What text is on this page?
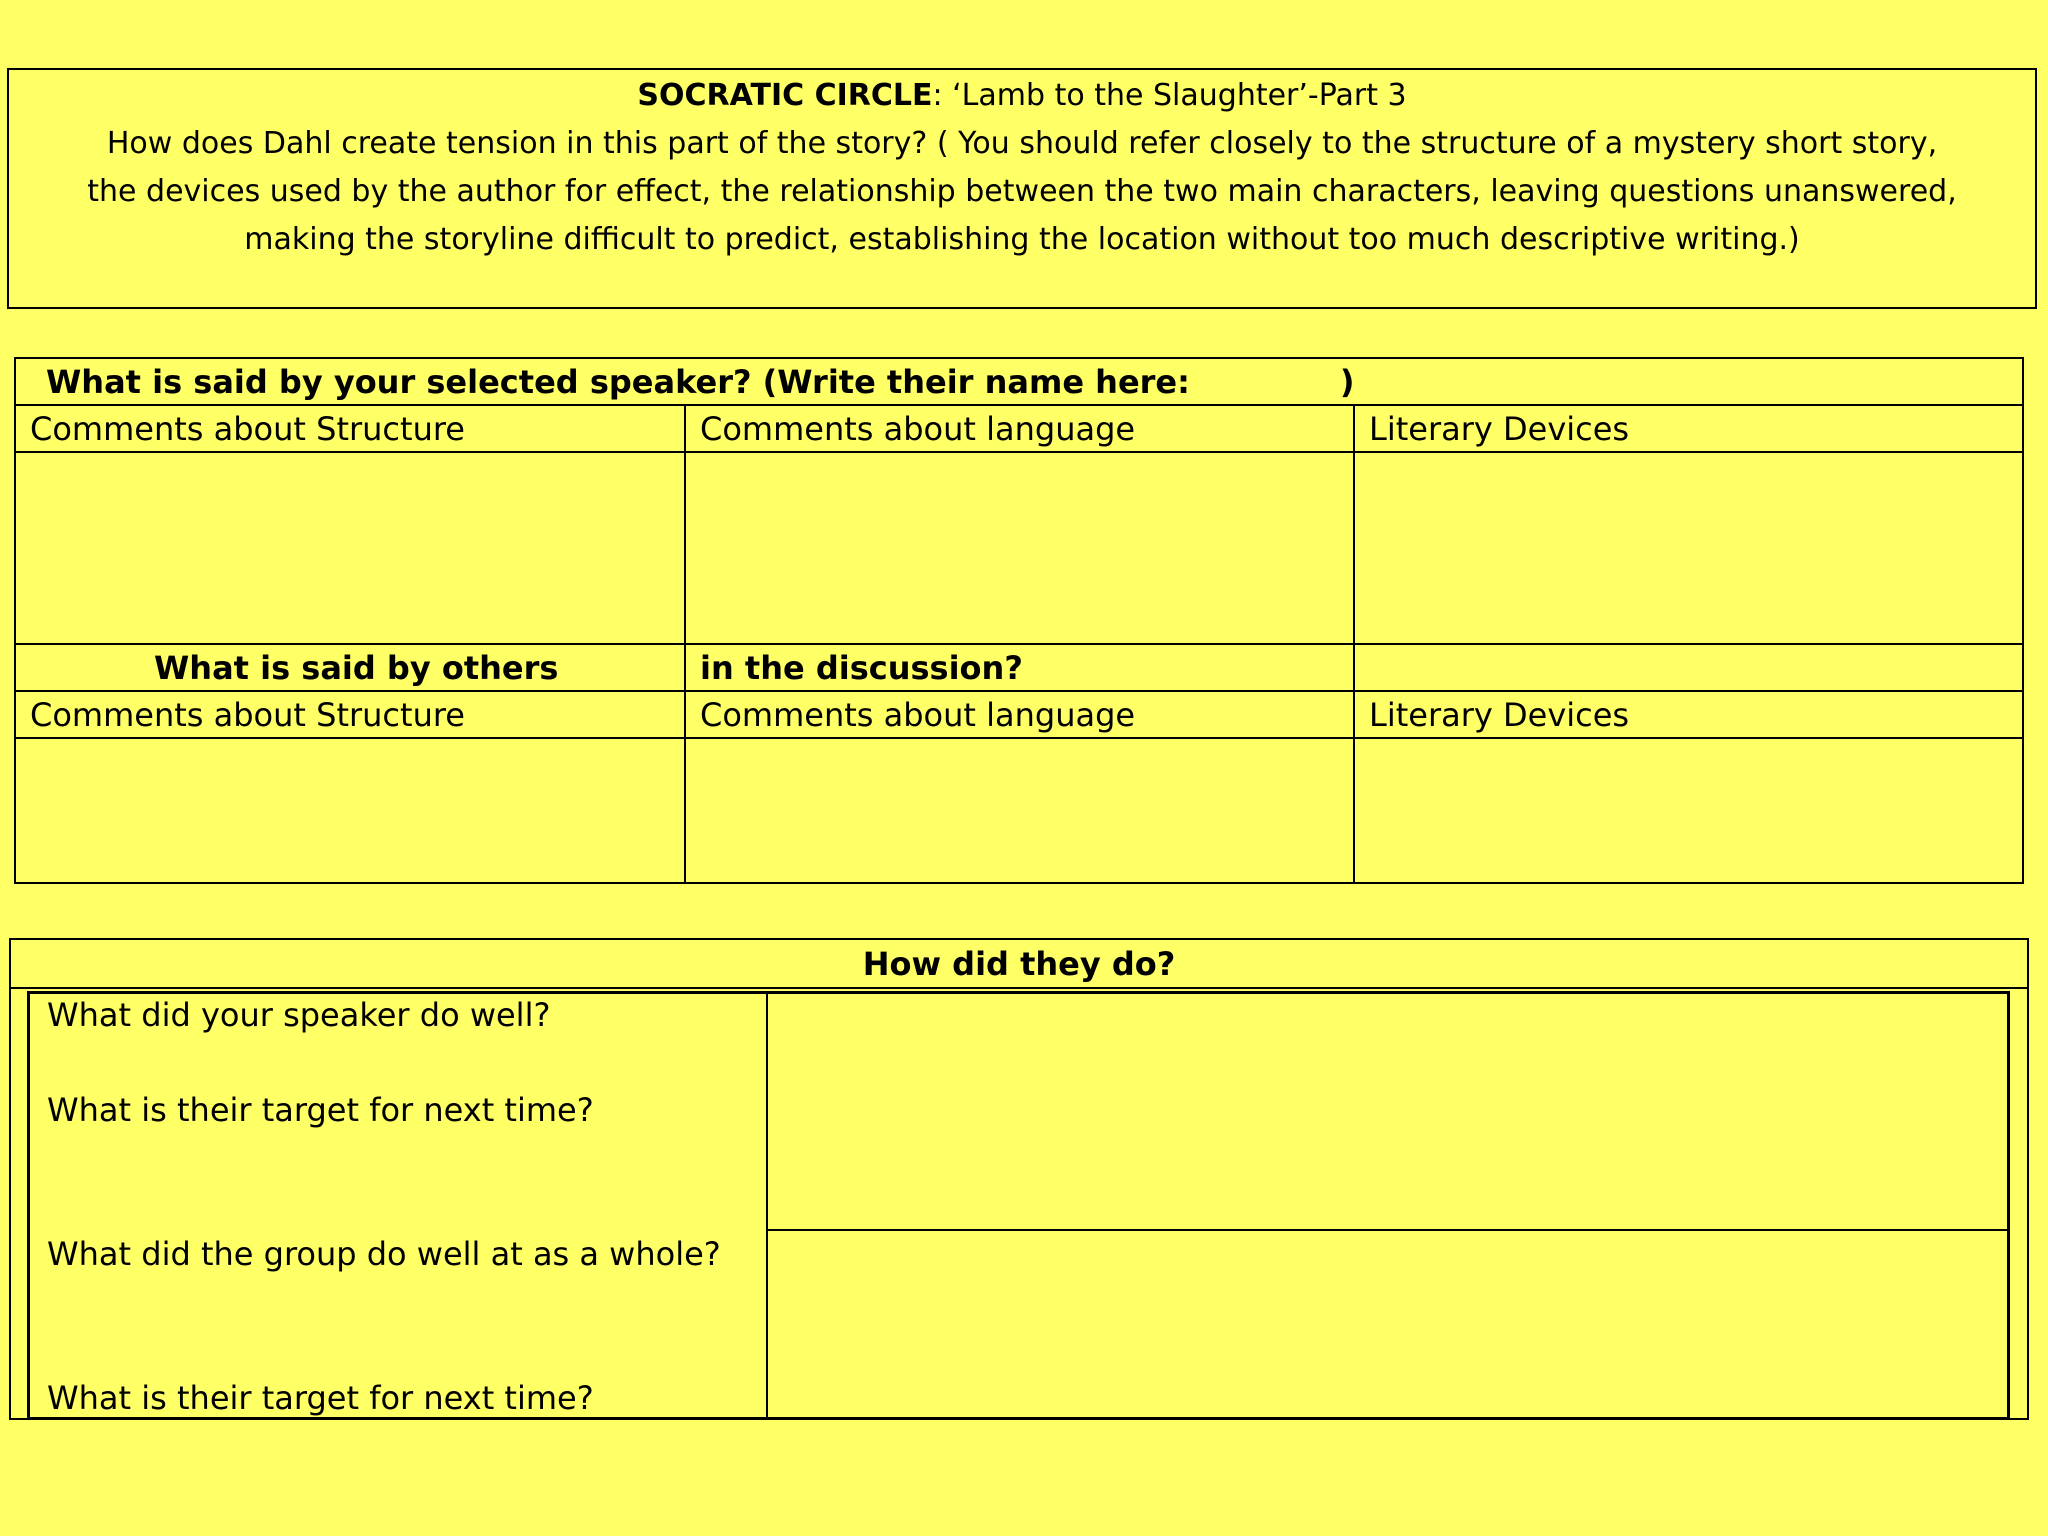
SOCRATIC CIRCLE: ‘Lamb to the Slaughter’-Part 3
How does Dahl create tension in this part of the story? ( You should refer closely to the structure of a mystery short story,
the devices used by the author for effect, the relationship between the two main characters, leaving questions unanswered,
making the storyline difficult to predict, establishing the location without too much descriptive writing.)
What is said by your selected speaker? (Write their name here: )		
Comments about Structure	Comments about language	Literary Devices

What is said by others	in the discussion?	
Comments about Structure	Comments about language	Literary Devices

How did they do?
What did your speaker do well?
What is their target for next time?
What did the group do well at as a whole?
What is their target for next time?
